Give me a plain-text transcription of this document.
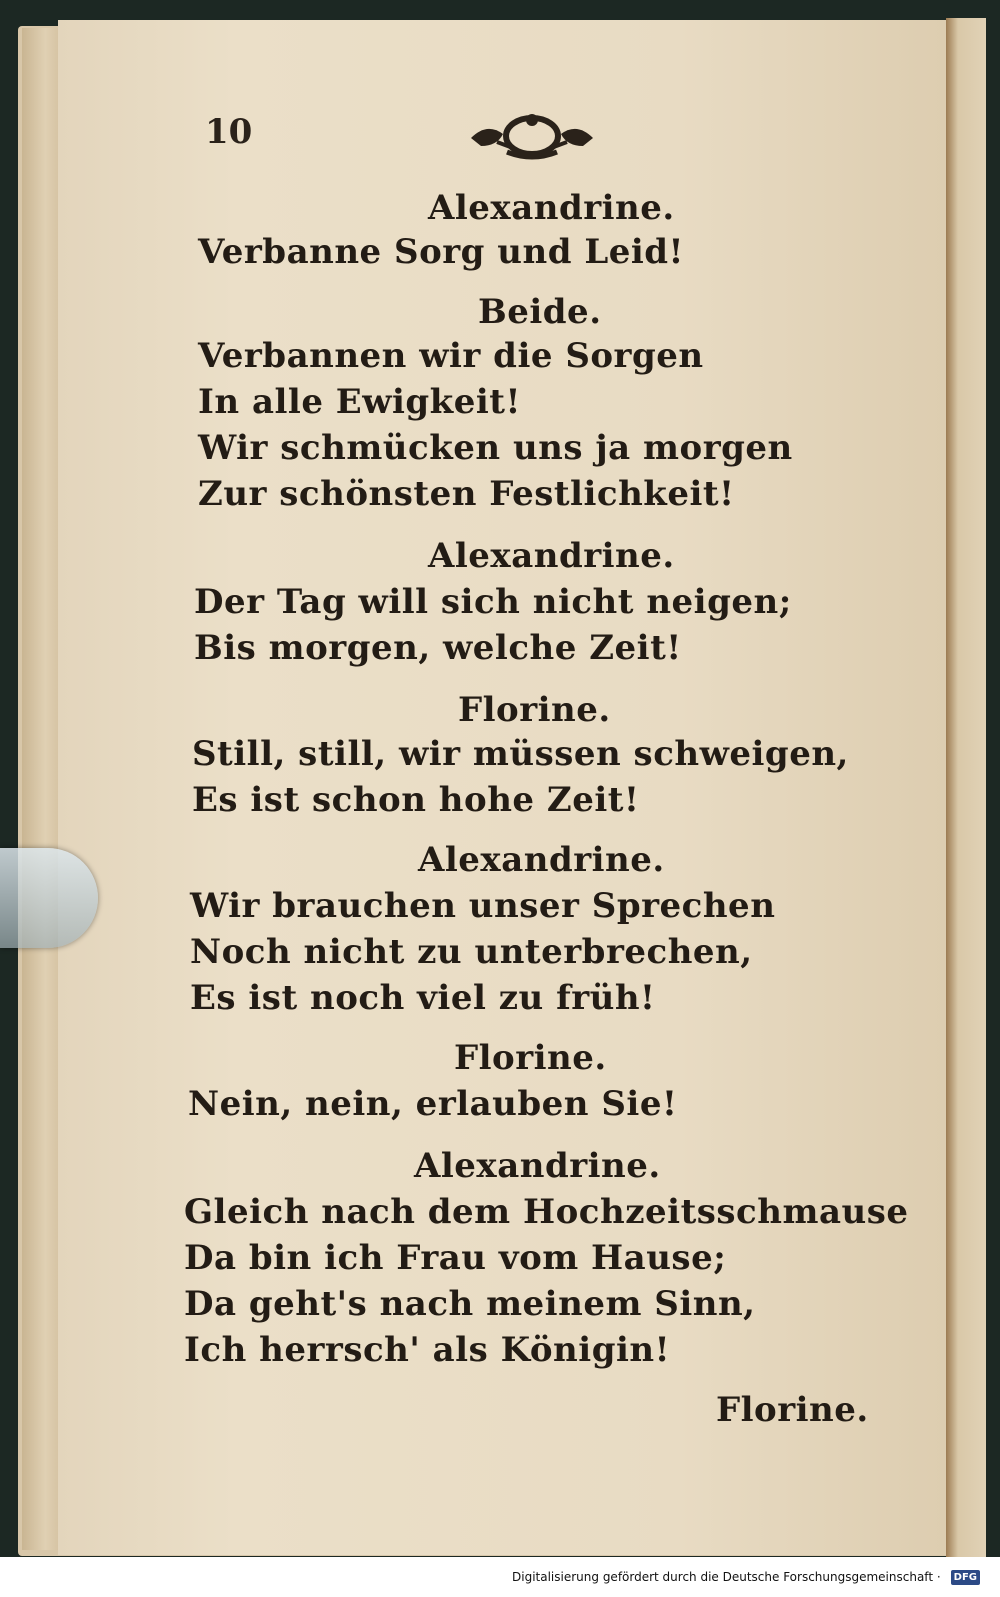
10
Alexandrine.
Verbanne Sorg und Leid!
Beide.
Verbannen wir die Sorgen
In alle Ewigkeit!
Wir schmücken uns ja morgen
Zur schönsten Festlichkeit!
Alexandrine.
Der Tag will sich nicht neigen;
Bis morgen, welche Zeit!
Florine.
Still, still, wir müssen schweigen,
Es ist schon hohe Zeit!
Alexandrine.
Wir brauchen unser Sprechen
Noch nicht zu unterbrechen,
Es ist noch viel zu früh!
Florine.
Nein, nein, erlauben Sie!
Alexandrine.
Gleich nach dem Hochzeitsschmause
Da bin ich Frau vom Hause;
Da geht's nach meinem Sinn,
Ich herrsch' als Königin!
Florine.
Digitalisierung gefördert durch die Deutsche Forschungsgemeinschaft ·	DFG
